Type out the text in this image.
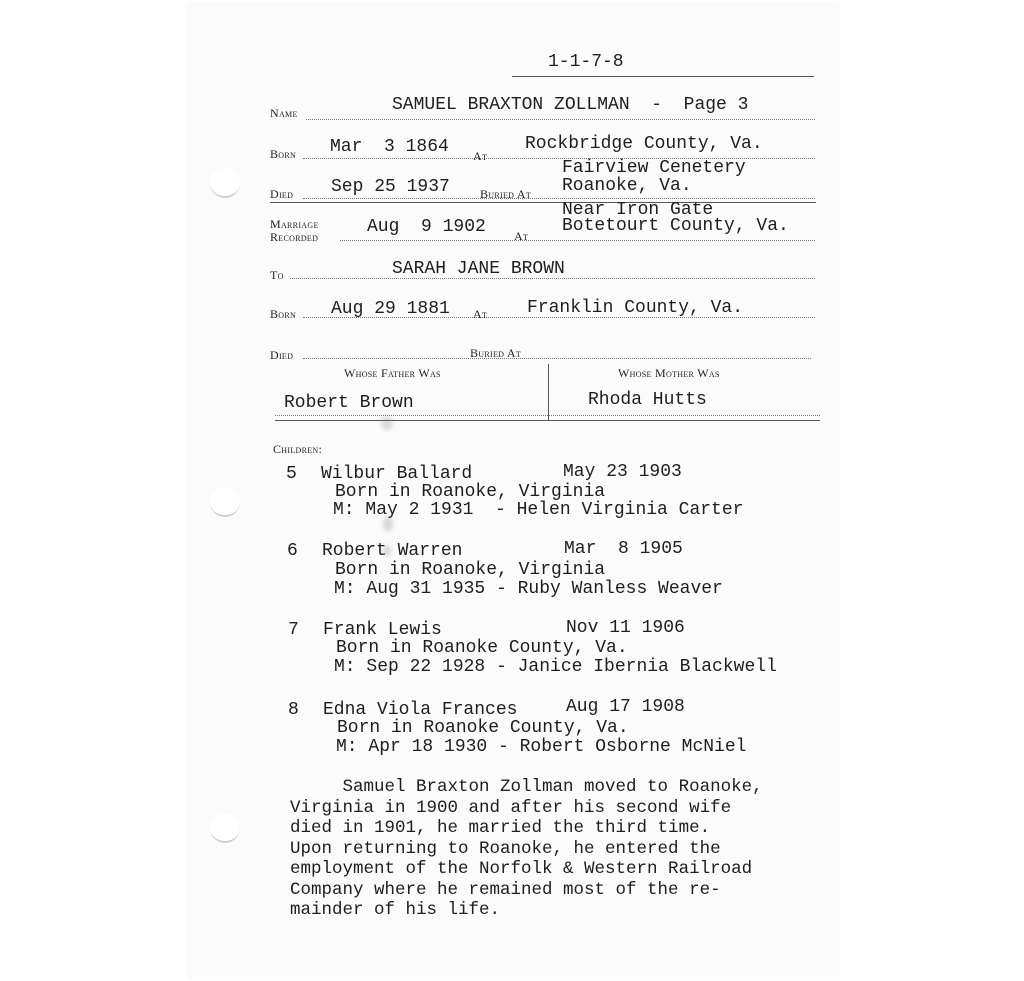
1-1-7-8
Name	SAMUEL BRAXTON ZOLLMAN  -  Page 3
Born Mar  3 1864 At
Rockbridge County, Va.
Died Sep 25 1937	Buried At
Fairview Cenetery
Roanoke, Va.
Marriage
Recorded	Aug  9 1902 At
Near Iron Gate
Botetourt County, Va.
To	SARAH JANE BROWN
Born Aug 29 1881 At Franklin County, Va.
Died	Buried At
Whose Father Was	Whose Mother Was
Robert Brown	Rhoda Hutts
Children:
5 Wilbur Ballard	May 23 1903
Born in Roanoke, Virginia
M: May 2 1931  - Helen Virginia Carter
6 Robert Warren	Mar  8 1905
Born in Roanoke, Virginia
M: Aug 31 1935 - Ruby Wanless Weaver
7 Frank Lewis	Nov 11 1906
Born in Roanoke County, Va.
M: Sep 22 1928 - Janice Ibernia Blackwell
8 Edna Viola Frances	Aug 17 1908
Born in Roanoke County, Va.
M: Apr 18 1930 - Robert Osborne McNiel
Samuel Braxton Zollman moved to Roanoke,
Virginia in 1900 and after his second wife
died in 1901, he married the third time.
Upon returning to Roanoke, he entered the
employment of the Norfolk & Western Railroad
Company where he remained most of the re-
mainder of his life.
